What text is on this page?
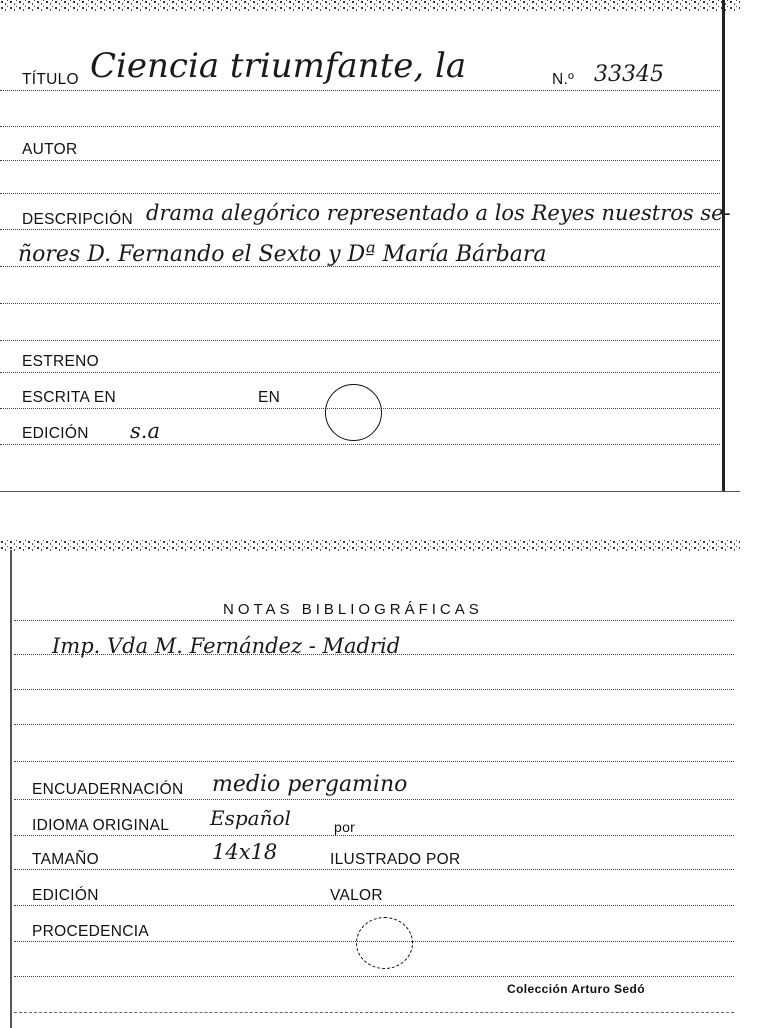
TÍTULO Ciencia triumfante, la	N.º 33345
AUTOR
DESCRIPCIÓN drama alegórico representado a los Reyes nuestros se-
ñores D. Fernando el Sexto y Dª María Bárbara
ESTRENO
ESCRITA EN	EN
EDICIÓN s.a
NOTAS BIBLIOGRÁFICAS
Imp. Vda M. Fernández - Madrid
ENCUADERNACIÓN medio pergamino
IDIOMA ORIGINAL Español	por
TAMAÑO	14x18	ILUSTRADO POR
EDICIÓN	VALOR
PROCEDENCIA
Colección Arturo Sedó
